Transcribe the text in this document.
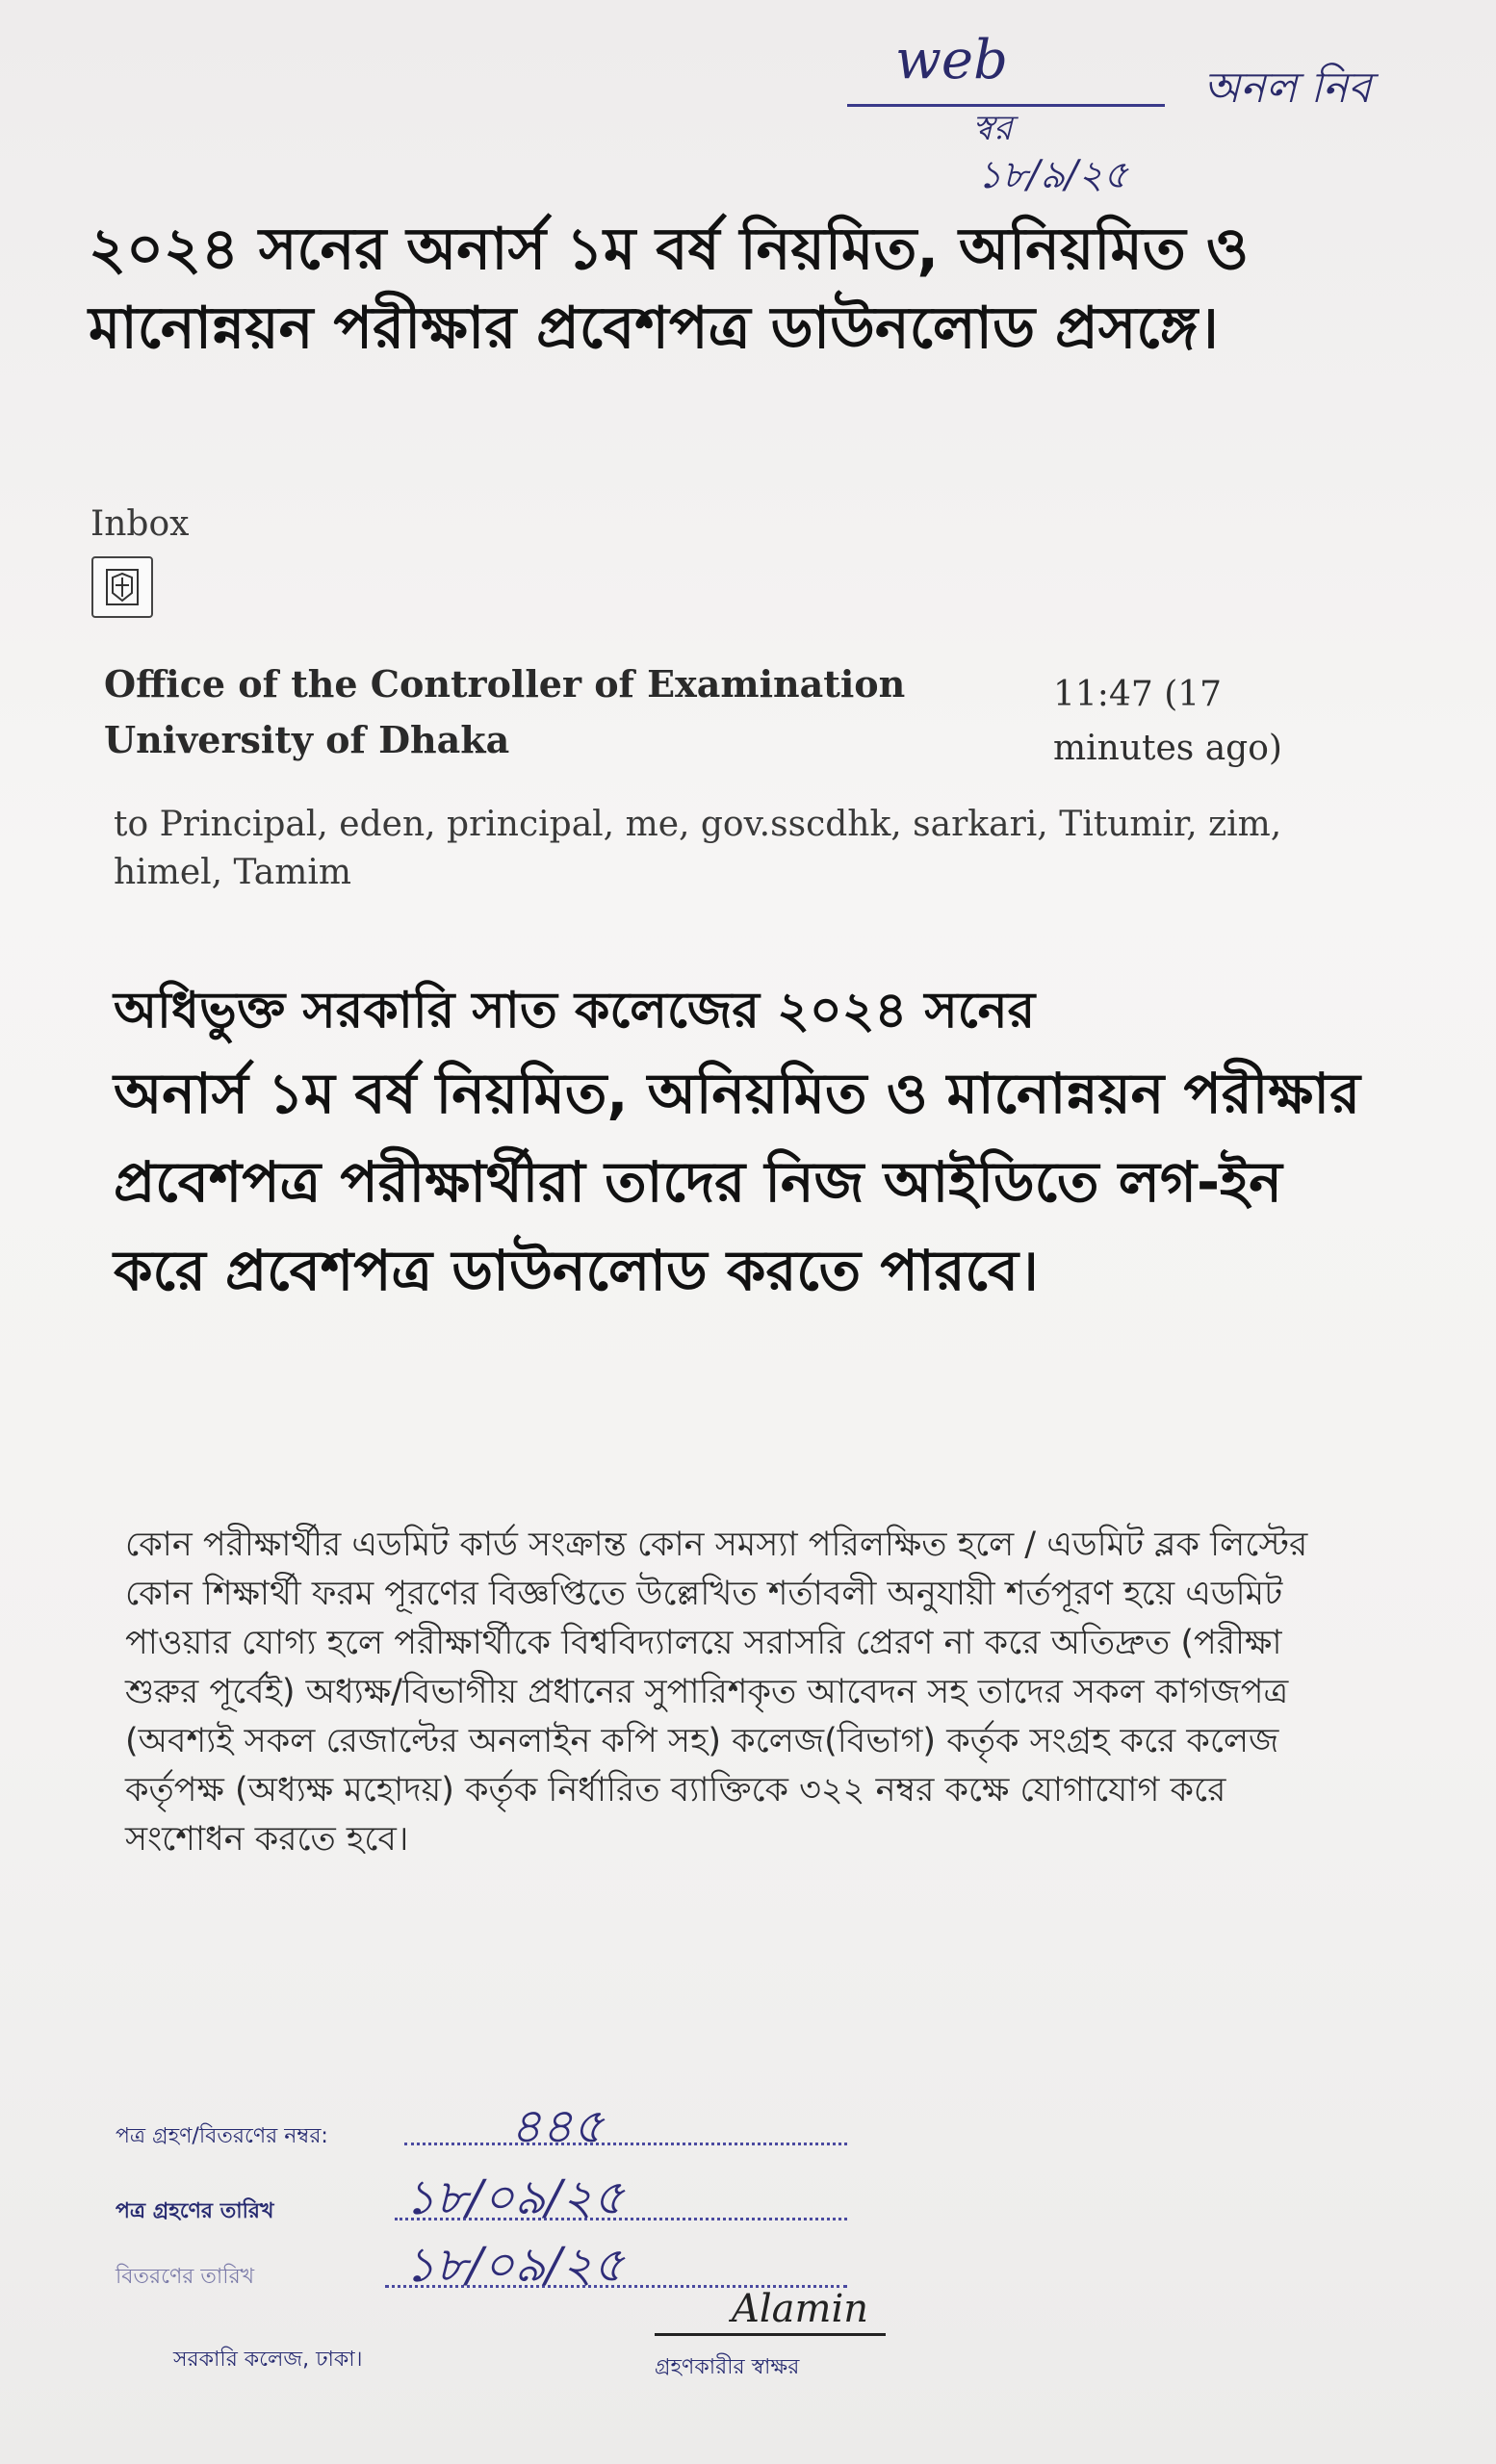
web	অনল নিব
স্বর
১৮/৯/২৫
২০২৪ সনের অনার্স ১ম বর্ষ নিয়মিত, অনিয়মিত ও মানোন্নয়ন পরীক্ষার প্রবেশপত্র ডাউনলোড প্রসঙ্গে।
Inbox
Office of the Controller of Examination
University of Dhaka
11:47 (17 minutes ago)
to Principal, eden, principal, me, gov.sscdhk, sarkari, Titumir, zim, himel, Tamim
অধিভুক্ত সরকারি সাত কলেজের ২০২৪ সনের
অনার্স ১ম বর্ষ নিয়মিত, অনিয়মিত ও মানোন্নয়ন পরীক্ষার প্রবেশপত্র পরীক্ষার্থীরা তাদের নিজ আইডিতে লগ-ইন করে প্রবেশপত্র ডাউনলোড করতে পারবে।
কোন পরীক্ষার্থীর এডমিট কার্ড সংক্রান্ত কোন সমস্যা পরিলক্ষিত হলে / এডমিট ব্লক লিস্টের কোন শিক্ষার্থী ফরম পূরণের বিজ্ঞপ্তিতে উল্লেখিত শর্তাবলী অনুযায়ী শর্তপূরণ হয়ে এডমিট পাওয়ার যোগ্য হলে পরীক্ষার্থীকে বিশ্ববিদ্যালয়ে সরাসরি প্রেরণ না করে অতিদ্রুত (পরীক্ষা শুরুর পূর্বেই) অধ্যক্ষ/বিভাগীয় প্রধানের সুপারিশকৃত আবেদন সহ তাদের সকল কাগজপত্র (অবশ্যই সকল রেজাল্টের অনলাইন কপি সহ) কলেজ(বিভাগ) কর্তৃক সংগ্রহ করে কলেজ কর্তৃপক্ষ (অধ্যক্ষ মহোদয়) কর্তৃক নির্ধারিত ব্যাক্তিকে ৩২২ নম্বর কক্ষে যোগাযোগ করে সংশোধন করতে হবে।
পত্র গ্রহণ/বিতরণের নম্বর:	৪৪৫
পত্র গ্রহণের তারিখ	১৮/০৯/২৫
বিতরণের তারিখ	১৮/০৯/২৫
সরকারি কলেজ, ঢাকা।
Alamin
গ্রহণকারীর স্বাক্ষর
